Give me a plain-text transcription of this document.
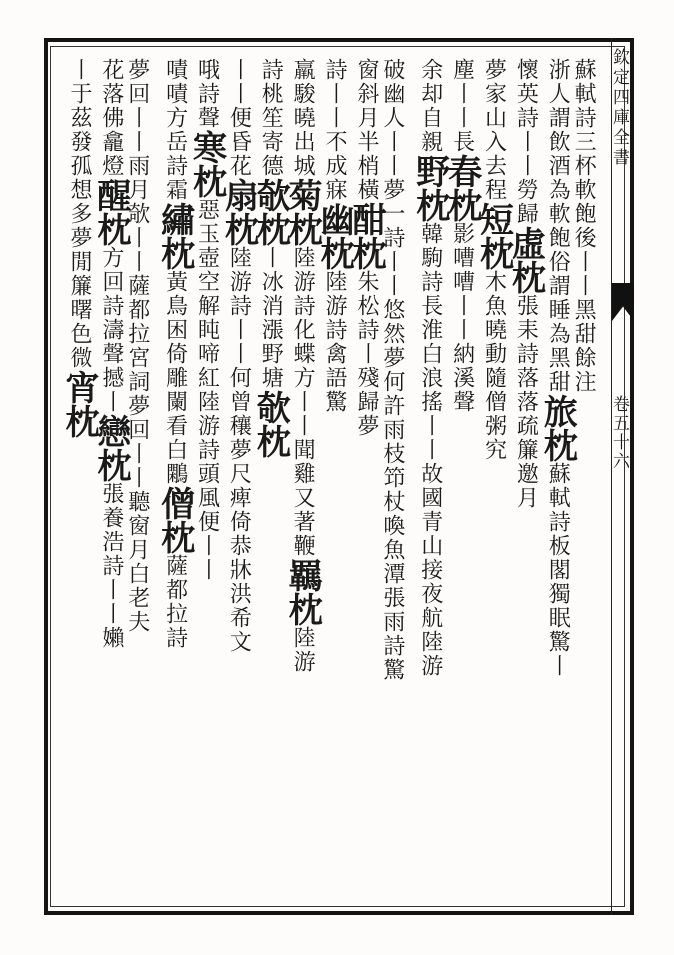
欽定四庫全書
卷五十六
蘇軾詩三杯軟飽後丨丨黑甜餘注
浙人謂飲酒為軟飽俗謂睡為黑甜旅枕蘇軾詩板閣獨眠驚丨
懷英詩丨丨勞歸虛枕張耒詩落落疏簾邀月
夢家山入去程短枕木魚曉動隨僧粥究
塵丨丨長春枕影嘈嘈丨丨納溪聲
余却自親野枕韓駒詩長淮白浪搖丨丨故國青山接夜航陸游
破幽人丨丨夢一詩丨丨悠然夢何許雨枝笻杖喚魚潭張雨詩驚
窗斜月半梢橫酣枕朱松詩丨殘歸夢
詩丨丨不成寐幽枕陸游詩禽語驚
羸駿曉出城菊枕陸游詩化蝶方丨丨聞雞又著鞭羈枕陸游
詩桃笙寄德欹枕丨冰消漲野塘欹枕
丨丨便昏花扇枕陸游詩丨丨何曾穰夢尺痺倚恭牀洪希文
哦詩聲寒枕惡玉壺空解盹啼紅陸游詩頭風便丨丨
嘖嘖方岳詩霜繡枕黃鳥困倚雕闌看白鷴僧枕薩都拉詩
夢回丨丨雨月欹丨丨薩都拉宮詞夢回丨丨聽窗月白老夫
花落佛龕燈醒枕方回詩濤聲撼丨戀枕張養浩詩丨丨嬾
丨于茲發孤想多夢閒簾曙色微宵枕
